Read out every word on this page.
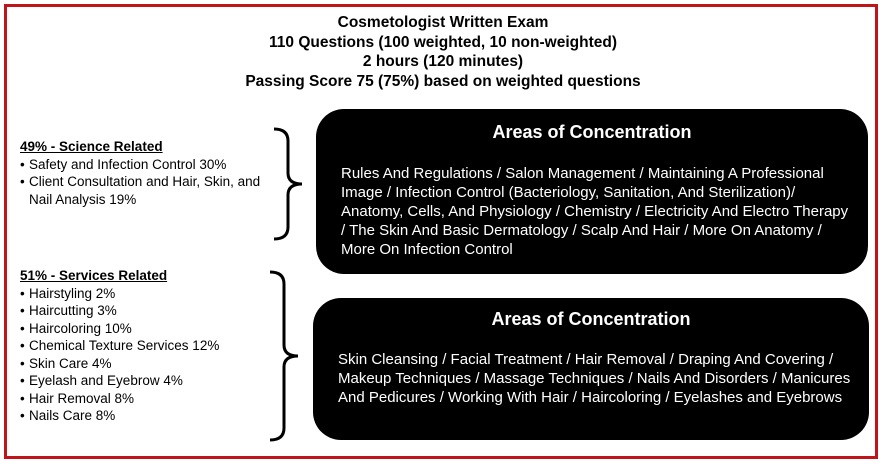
Cosmetologist Written Exam
110 Questions (100 weighted, 10 non-weighted)
2 hours (120 minutes)
Passing Score 75 (75%) based on weighted questions
49% - Science Related
• Safety and Infection Control 30%
• Client Consultation and Hair, Skin, and Nail Analysis 19%
51% - Services Related
• Hairstyling 2%
• Haircutting 3%
• Haircoloring 10%
• Chemical Texture Services 12%
• Skin Care 4%
• Eyelash and Eyebrow 4%
• Hair Removal 8%
• Nails Care 8%
Areas of Concentration
Rules And Regulations / Salon Management / Maintaining A Professional Image / Infection Control (Bacteriology, Sanitation, And Sterilization)/ Anatomy, Cells, And Physiology / Chemistry / Electricity And Electro Therapy / The Skin And Basic Dermatology / Scalp And Hair / More On Anatomy / More On Infection Control
Areas of Concentration
Skin Cleansing / Facial Treatment / Hair Removal / Draping And Covering / Makeup Techniques / Massage Techniques / Nails And Disorders / Manicures And Pedicures / Working With Hair / Haircoloring / Eyelashes and Eyebrows
